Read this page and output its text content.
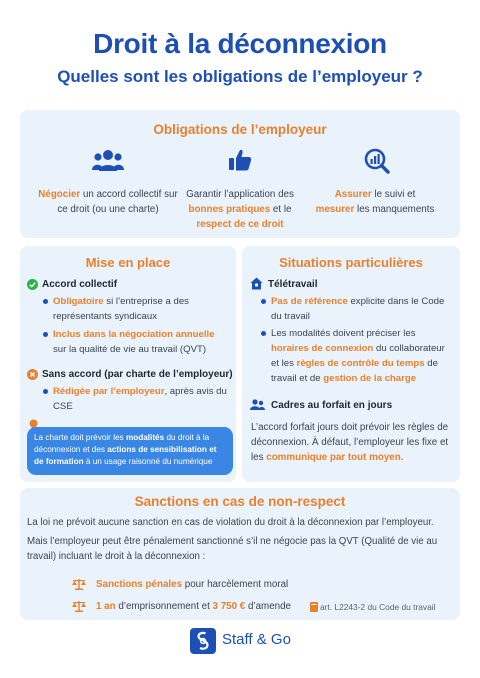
Droit à la déconnexion
Quelles sont les obligations de l’employeur ?
Obligations de l’employeur
Négocier un accord collectif sur ce droit (ou une charte)
Garantir l’application des bonnes pratiques et le respect de ce droit
Assurer le suivi et mesurer les manquements
Mise en place
Accord collectif
Obligatoire si l’entreprise a des représentants syndicaux
Inclus dans la négociation annuelle sur la qualité de vie au travail (QVT)
Sans accord (par charte de l’employeur)
Rédigée par l’employeur, après avis du CSE
La charte doit prévoir les modalités du droit à la déconnexion et des actions de sensibilisation et de formation à un usage raisonné du numérique
Situations particulières
Télétravail
Pas de référence explicite dans le Code du travail
Les modalités doivent préciser les horaires de connexion du collaborateur et les règles de contrôle du temps de travail et de gestion de la charge
Cadres au forfait en jours
L’accord forfait jours doit prévoir les règles de déconnexion. À défaut, l’employeur les fixe et les communique par tout moyen.
Sanctions en cas de non-respect
La loi ne prévoit aucune sanction en cas de violation du droit à la déconnexion par l’employeur.
Mais l’employeur peut être pénalement sanctionné s’il ne négocie pas la QVT (Qualité de vie au travail) incluant le droit à la déconnexion :
Sanctions pénales pour harcèlement moral
1 an d’emprisonnement et 3 750 € d’amende	art. L2243-2 du Code du travail
Staff & Go
